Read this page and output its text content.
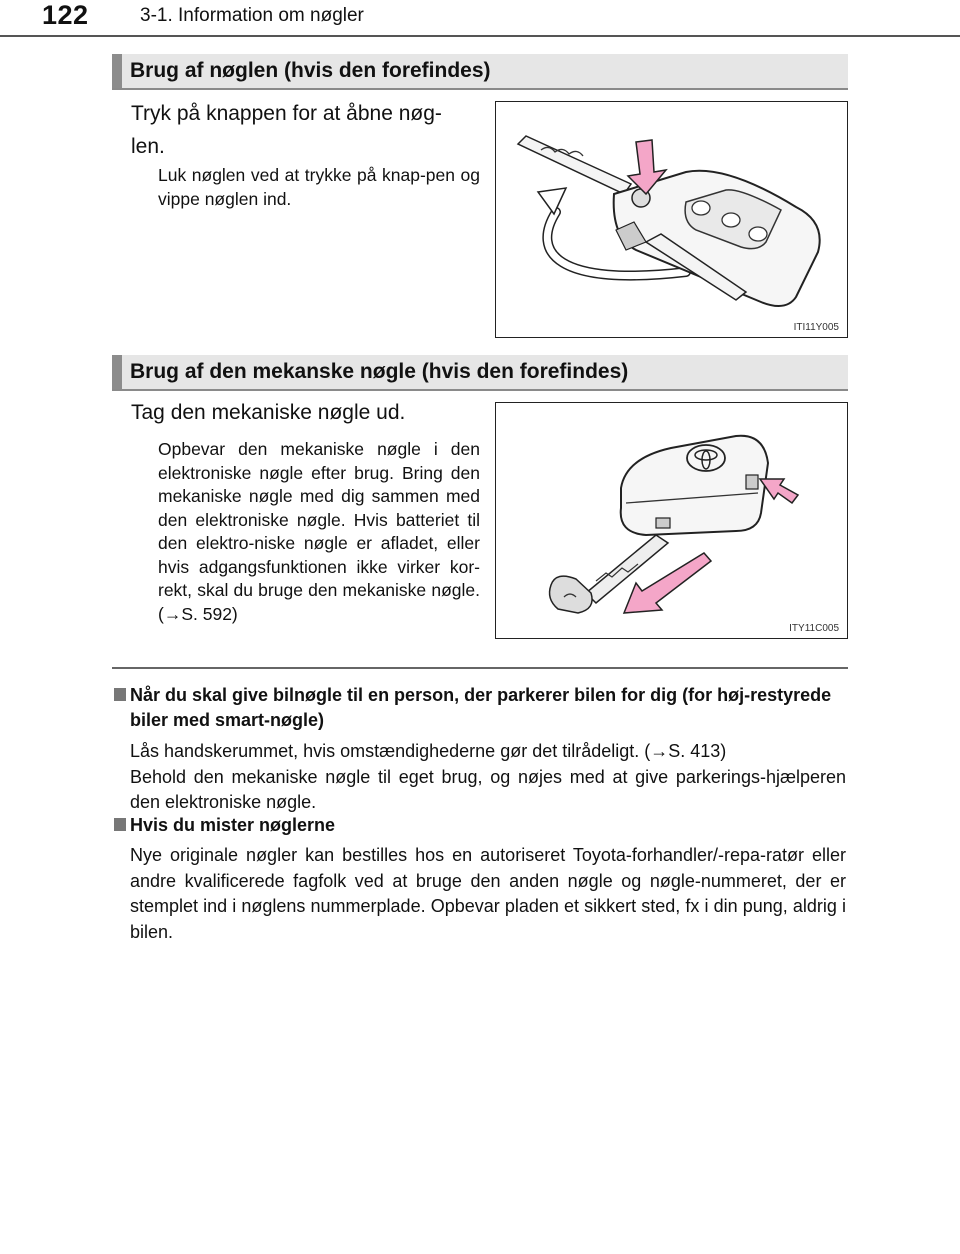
122	3-1. Information om nøgler
Brug af nøglen (hvis den forefindes)
Tryk på knappen for at åbne nøg-
len.
Luk nøglen ved at trykke på knap-pen og vippe nøglen ind.
ITI11Y005
Brug af den mekanske nøgle (hvis den forefindes)
Tag den mekaniske nøgle ud.
Opbevar den mekaniske nøgle i den elektroniske nøgle efter brug. Bring den mekaniske nøgle med dig sammen med den elektroniske nøgle. Hvis batteriet til den elektro-niske nøgle er afladet, eller hvis adgangsfunktionen ikke virker kor-rekt, skal du bruge den mekaniske nøgle. (→S. 592)
ITY11C005
Når du skal give bilnøgle til en person, der parkerer bilen for dig (for høj-restyrede biler med smart-nøgle)
Lås handskerummet, hvis omstændighederne gør det tilrådeligt. (→S. 413)
Behold den mekaniske nøgle til eget brug, og nøjes med at give parkerings-hjælperen den elektroniske nøgle.
Hvis du mister nøglerne
Nye originale nøgler kan bestilles hos en autoriseret Toyota-forhandler/-repa-ratør eller andre kvalificerede fagfolk ved at bruge den anden nøgle og nøgle-nummeret, der er stemplet ind i nøglens nummerplade. Opbevar pladen et sikkert sted, fx i din pung, aldrig i bilen.
